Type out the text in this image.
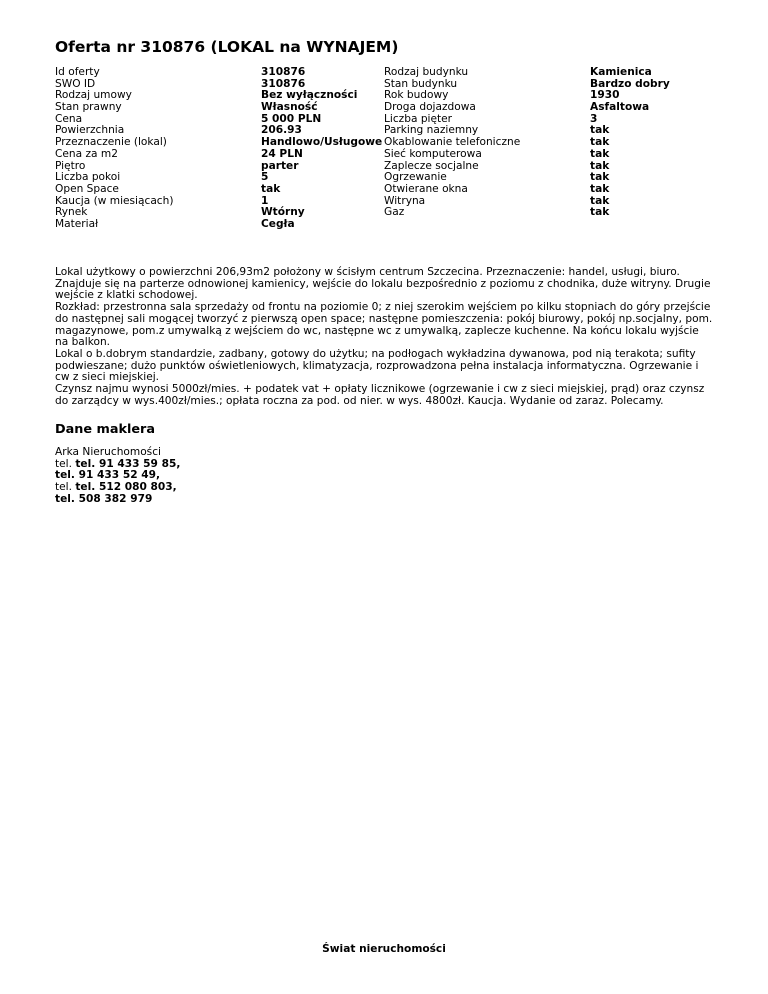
Oferta nr 310876 (LOKAL na WYNAJEM)
Id oferty
SWO ID
Rodzaj umowy
Stan prawny
Cena
Powierzchnia
Przeznaczenie (lokal)
Cena za m2
Piętro
Liczba pokoi
Open Space
Kaucja (w miesiącach)
Rynek
Materiał
310876
310876
Bez wyłączności
Własność
5 000 PLN
206.93
Handlowo/Usługowe
24 PLN
parter
5
tak
1
Wtórny
Cegła
Rodzaj budynku
Stan budynku
Rok budowy
Droga dojazdowa
Liczba pięter
Parking naziemny
Okablowanie telefoniczne
Sieć komputerowa
Zaplecze socjalne
Ogrzewanie
Otwierane okna
Witryna
Gaz
Kamienica
Bardzo dobry
1930
Asfaltowa
3
tak
tak
tak
tak
tak
tak
tak
tak

Lokal użytkowy o powierzchni 206,93m2 położony w ścisłym centrum Szczecina. Przeznaczenie: handel, usługi, biuro. Znajduje się na parterze odnowionej kamienicy, wejście do lokalu bezpośrednio z poziomu z chodnika, duże witryny. Drugie wejście z klatki schodowej.

Rozkład: przestronna sala sprzedaży od frontu na poziomie 0; z niej szerokim wejściem po kilku stopniach do góry przejście do następnej sali mogącej tworzyć z pierwszą open space; następne pomieszczenia: pokój biurowy, pokój np.socjalny, pom. magazynowe, pom.z umywalką z wejściem do wc, następne wc z umywalką, zaplecze kuchenne. Na końcu lokalu wyjście na balkon.

Lokal o b.dobrym standardzie, zadbany, gotowy do użytku; na podłogach wykładzina dywanowa, pod nią terakota; sufity podwieszane; dużo punktów oświetleniowych, klimatyzacja, rozprowadzona pełna instalacja informatyczna. Ogrzewanie i cw z sieci miejskiej.

Czynsz najmu wynosi 5000zł/mies. + podatek vat + opłaty licznikowe (ogrzewanie i cw z sieci miejskiej, prąd) oraz czynsz do zarządcy w wys.400zł/mies.; opłata roczna za pod. od nier. w wys. 4800zł. Kaucja. Wydanie od zaraz. Polecamy.

Dane maklera
Arka Nieruchomości
tel. tel. 91 433 59 85,
tel. 91 433 52 49,
tel. tel. 512 080 803,
tel. 508 382 979
Świat nieruchomości
